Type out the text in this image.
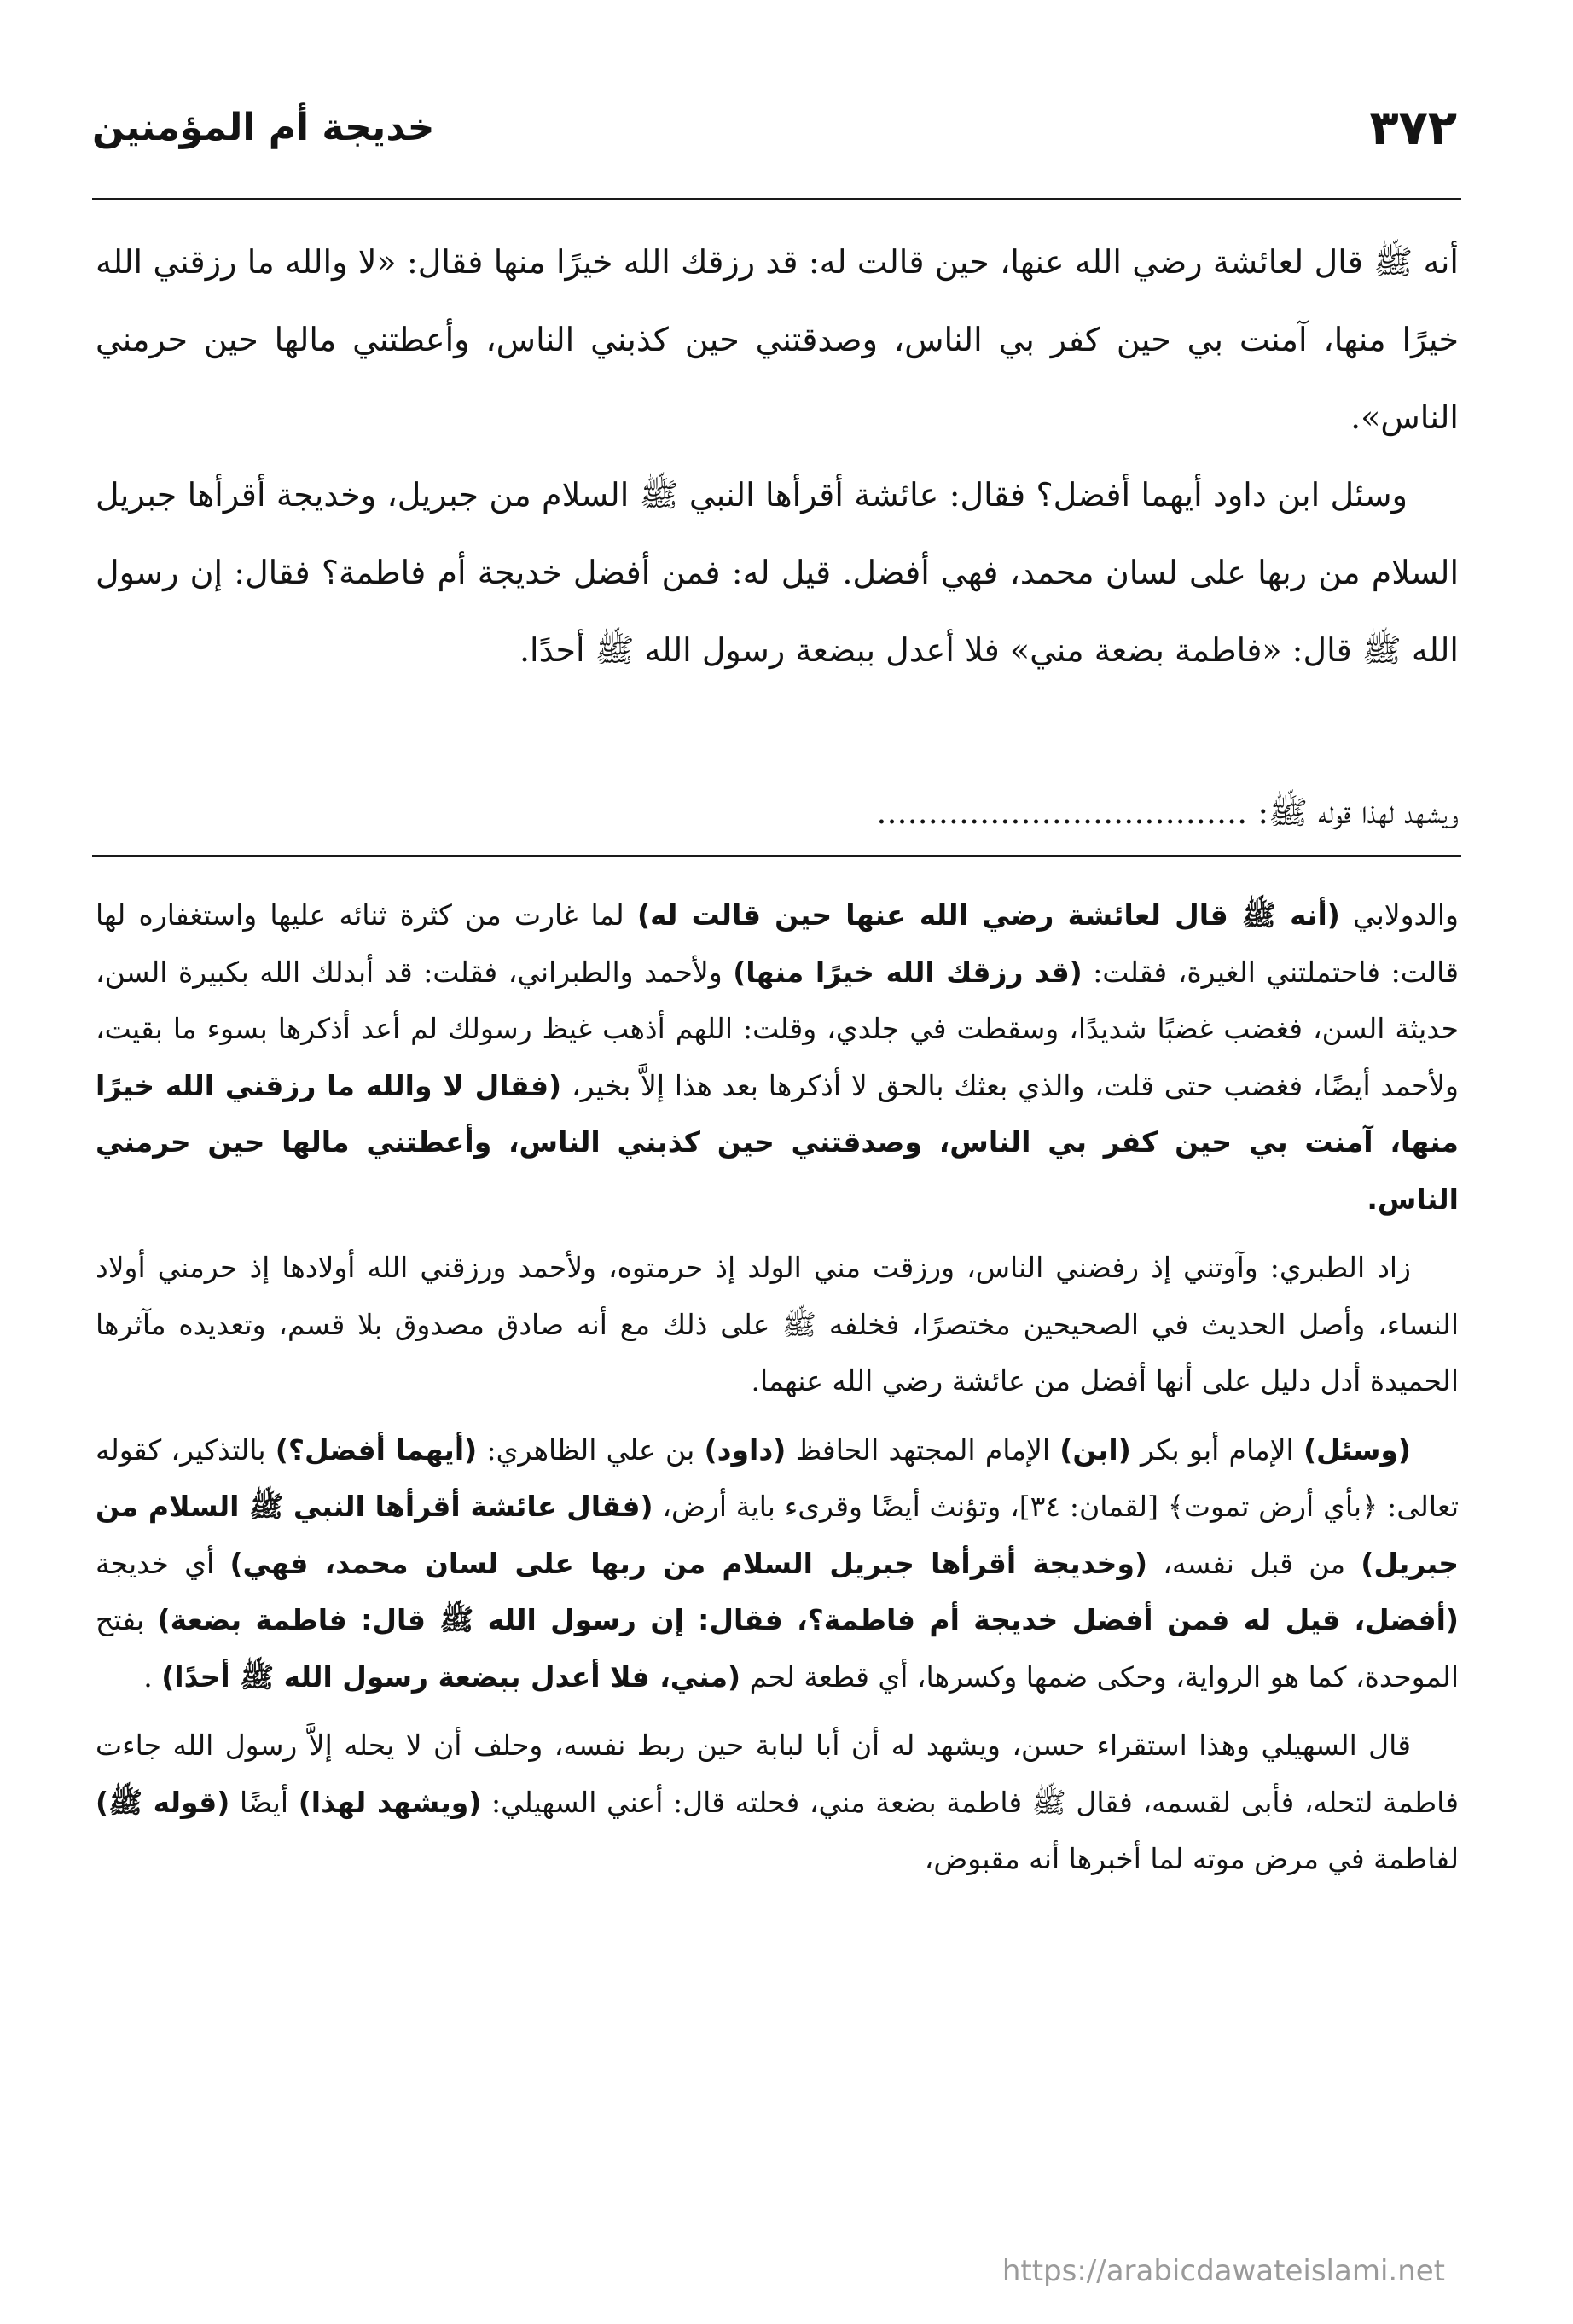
٣٧٢
خديجة أم المؤمنين

أنه ﷺ قال لعائشة رضي الله عنها، حين قالت له: قد رزقك الله خيرًا منها فقال: «لا والله ما رزقني الله خيرًا منها، آمنت بي حين كفر بي الناس، وصدقتني حين كذبني الناس، وأعطتني مالها حين حرمني الناس».

وسئل ابن داود أيهما أفضل؟ فقال: عائشة أقرأها النبي ﷺ السلام من جبريل، وخديجة أقرأها جبريل السلام من ربها على لسان محمد، فهي أفضل. قيل له: فمن أفضل خديجة أم فاطمة؟ فقال: إن رسول الله ﷺ قال: «فاطمة بضعة مني» فلا أعدل ببضعة رسول الله ﷺ أحدًا.

ويشهد لهذا قوله ﷺ: ....................................

والدولابي (أنه ﷺ قال لعائشة رضي الله عنها حين قالت له) لما غارت من كثرة ثنائه عليها واستغفاره لها قالت: فاحتملتني الغيرة، فقلت: (قد رزقك الله خيرًا منها) ولأحمد والطبراني، فقلت: قد أبدلك الله بكبيرة السن، حديثة السن، فغضب غضبًا شديدًا، وسقطت في جلدي، وقلت: اللهم أذهب غيظ رسولك لم أعد أذكرها بسوء ما بقيت، ولأحمد أيضًا، فغضب حتى قلت، والذي بعثك بالحق لا أذكرها بعد هذا إلاَّ بخير، (فقال لا والله ما رزقني الله خيرًا منها، آمنت بي حين كفر بي الناس، وصدقتني حين كذبني الناس، وأعطتني مالها حين حرمني الناس.

زاد الطبري: وآوتني إذ رفضني الناس، ورزقت مني الولد إذ حرمتوه، ولأحمد ورزقني الله أولادها إذ حرمني أولاد النساء، وأصل الحديث في الصحيحين مختصرًا، فخلفه ﷺ على ذلك مع أنه صادق مصدوق بلا قسم، وتعديده مآثرها الحميدة أدل دليل على أنها أفضل من عائشة رضي الله عنهما.

(وسئل) الإمام أبو بكر (ابن) الإمام المجتهد الحافظ (داود) بن علي الظاهري: (أيهما أفضل؟) بالتذكير، كقوله تعالى: ﴿بأي أرض تموت﴾ [لقمان: ٣٤]، وتؤنث أيضًا وقرىء باية أرض، (فقال عائشة أقرأها النبي ﷺ السلام من جبريل) من قبل نفسه، (وخديجة أقرأها جبريل السلام من ربها على لسان محمد، فهي) أي خديجة (أفضل، قيل له فمن أفضل خديجة أم فاطمة؟، فقال: إن رسول الله ﷺ قال: فاطمة بضعة) بفتح الموحدة، كما هو الرواية، وحكى ضمها وكسرها، أي قطعة لحم (مني، فلا أعدل ببضعة رسول الله ﷺ أحدًا) .

قال السهيلي وهذا استقراء حسن، ويشهد له أن أبا لبابة حين ربط نفسه، وحلف أن لا يحله إلاَّ رسول الله جاءت فاطمة لتحله، فأبى لقسمه، فقال ﷺ فاطمة بضعة مني، فحلته قال: أعني السهيلي: (ويشهد لهذا) أيضًا (قوله ﷺ) لفاطمة في مرض موته لما أخبرها أنه مقبوض،

https://arabicdawateislami.net
